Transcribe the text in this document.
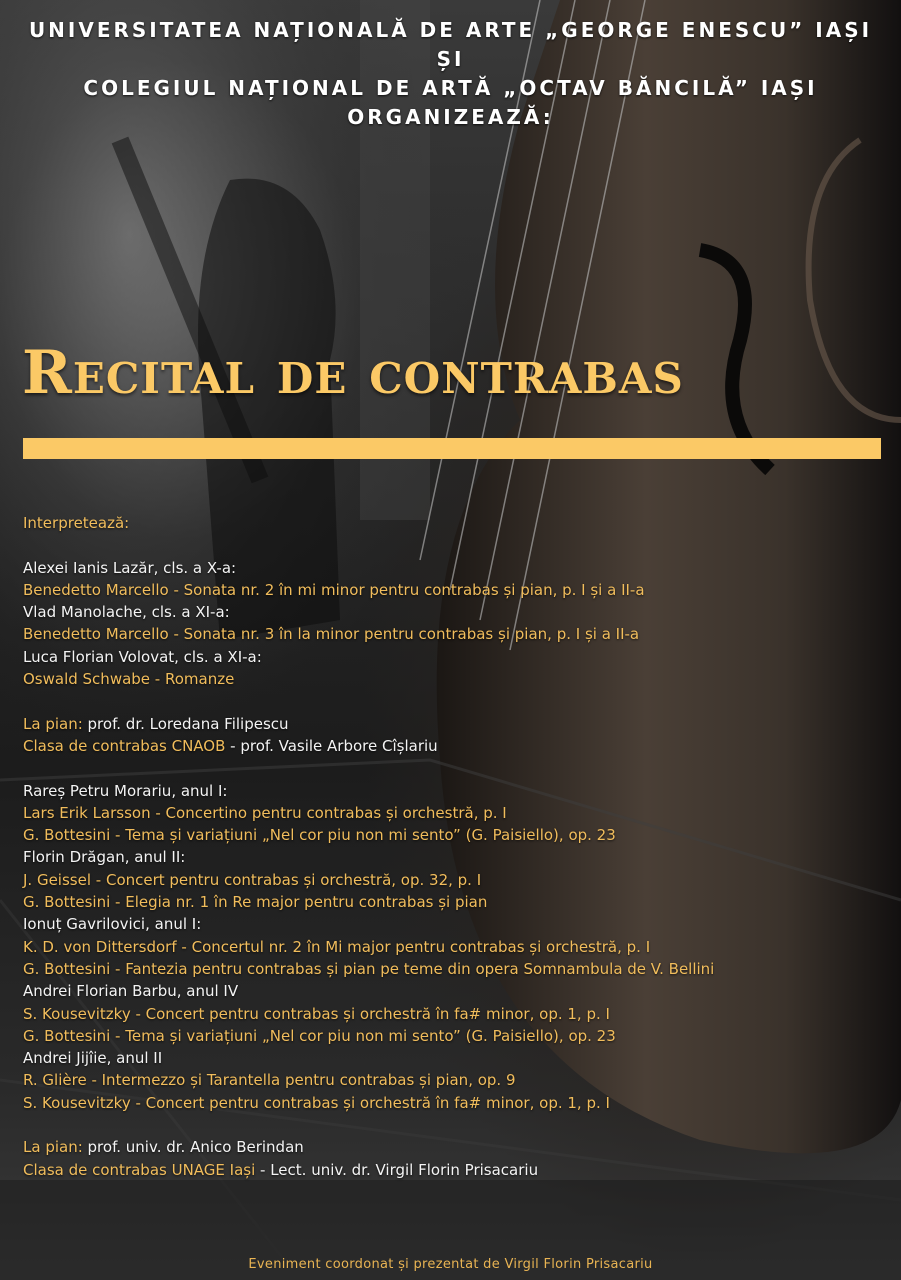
UNIVERSITATEA NAȚIONALĂ DE ARTE „GEORGE ENESCU” IAȘI
ȘI
COLEGIUL NAȚIONAL DE ARTĂ „OCTAV BĂNCILĂ” IAȘI
ORGANIZEAZĂ:
Recital de contrabas
Interpretează:
Alexei Ianis Lazăr, cls. a X-a:
Benedetto Marcello - Sonata nr. 2 în mi minor pentru contrabas și pian, p. I și a II-a
Vlad Manolache, cls. a XI-a:
Benedetto Marcello - Sonata nr. 3 în la minor pentru contrabas și pian, p. I și a II-a
Luca Florian Volovat, cls. a XI-a:
Oswald Schwabe - Romanze
La pian: prof. dr. Loredana Filipescu
Clasa de contrabas CNAOB - prof. Vasile Arbore Cîșlariu
Rareș Petru Morariu, anul I:
Lars Erik Larsson - Concertino pentru contrabas și orchestră, p. I
G. Bottesini - Tema și variațiuni „Nel cor piu non mi sento” (G. Paisiello), op. 23
Florin Drăgan, anul II:
J. Geissel - Concert pentru contrabas și orchestră, op. 32, p. I
G. Bottesini - Elegia nr. 1 în Re major pentru contrabas și pian
Ionuț Gavrilovici, anul I:
K. D. von Dittersdorf - Concertul nr. 2 în Mi major pentru contrabas și orchestră, p. I
G. Bottesini - Fantezia pentru contrabas și pian pe teme din opera Somnambula de V. Bellini
Andrei Florian Barbu, anul IV
S. Kousevitzky - Concert pentru contrabas și orchestră în fa# minor, op. 1, p. I
G. Bottesini - Tema și variațiuni „Nel cor piu non mi sento” (G. Paisiello), op. 23
Andrei Jijîie, anul II
R. Glière - Intermezzo și Tarantella pentru contrabas și pian, op. 9
S. Kousevitzky - Concert pentru contrabas și orchestră în fa# minor, op. 1, p. I
La pian: prof. univ. dr. Anico Berindan
Clasa de contrabas UNAGE Iași - Lect. univ. dr. Virgil Florin Prisacariu
Eveniment coordonat și prezentat de Virgil Florin Prisacariu
